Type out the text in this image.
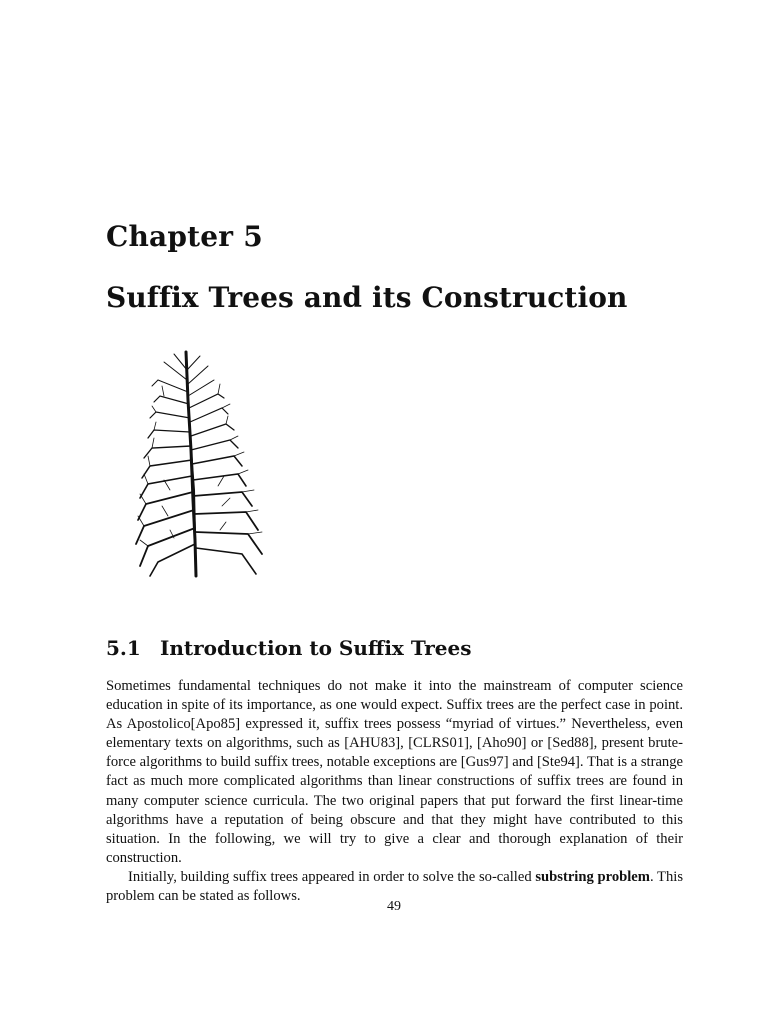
Chapter 5
Suffix Trees and its Construction
5.1 Introduction to Suffix Trees

Sometimes fundamental techniques do not make it into the mainstream of computer science education in spite of its importance, as one would expect. Suffix trees are the perfect case in point. As Apostolico[Apo85] expressed it, suffix trees possess “myriad of virtues.” Nevertheless, even elementary texts on algorithms, such as [AHU83], [CLRS01], [Aho90] or [Sed88], present brute-force algorithms to build suffix trees, notable exceptions are [Gus97] and [Ste94]. That is a strange fact as much more complicated algorithms than linear constructions of suffix trees are found in many computer science curricula. The two original papers that put forward the first linear-time algorithms have a reputation of being obscure and that they might have contributed to this situation. In the following, we will try to give a clear and thorough explanation of their construction.

Initially, building suffix trees appeared in order to solve the so-called substring problem. This problem can be stated as follows.

49
